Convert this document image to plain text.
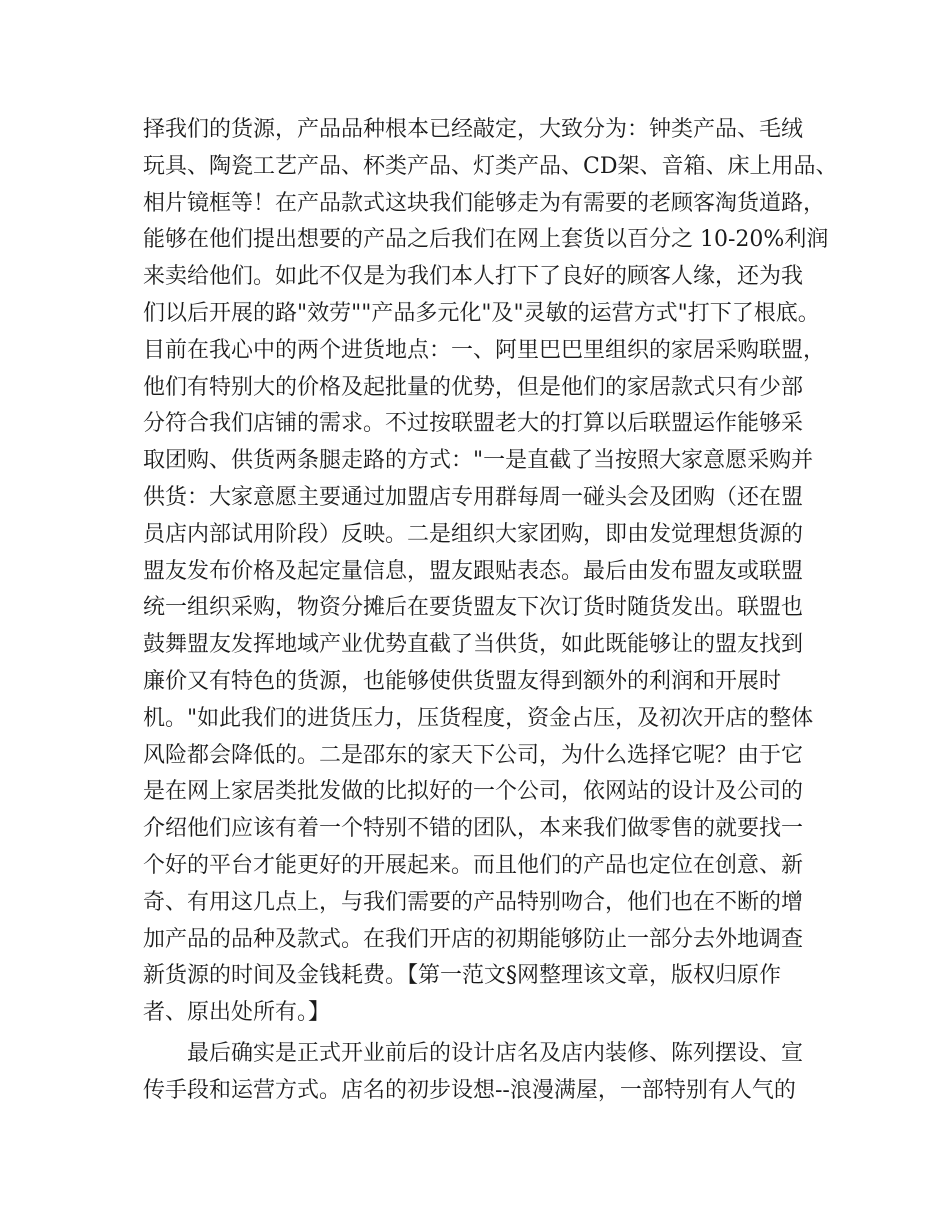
择我们的货源，产品品种根本已经敲定，大致分为：钟类产品、毛绒
玩具、陶瓷工艺产品、杯类产品、灯类产品、CD架、音箱、床上用品、
相片镜框等！在产品款式这块我们能够走为有需要的老顾客淘货道路，
能够在他们提出想要的产品之后我们在网上套货以百分之 10-20%利润
来卖给他们。如此不仅是为我们本人打下了良好的顾客人缘，还为我
们以后开展的路"效劳""产品多元化"及"灵敏的运营方式"打下了根底。
目前在我心中的两个进货地点：一、阿里巴巴里组织的家居采购联盟，
他们有特别大的价格及起批量的优势，但是他们的家居款式只有少部
分符合我们店铺的需求。不过按联盟老大的打算以后联盟运作能够采
取团购、供货两条腿走路的方式："一是直截了当按照大家意愿采购并
供货：大家意愿主要通过加盟店专用群每周一碰头会及团购（还在盟
员店内部试用阶段）反映。二是组织大家团购，即由发觉理想货源的
盟友发布价格及起定量信息，盟友跟贴表态。最后由发布盟友或联盟
统一组织采购，物资分摊后在要货盟友下次订货时随货发出。联盟也
鼓舞盟友发挥地域产业优势直截了当供货，如此既能够让的盟友找到
廉价又有特色的货源，也能够使供货盟友得到额外的利润和开展时
机。"如此我们的进货压力，压货程度，资金占压，及初次开店的整体
风险都会降低的。二是邵东的家天下公司，为什么选择它呢？由于它
是在网上家居类批发做的比拟好的一个公司，依网站的设计及公司的
介绍他们应该有着一个特别不错的团队，本来我们做零售的就要找一
个好的平台才能更好的开展起来。而且他们的产品也定位在创意、新
奇、有用这几点上，与我们需要的产品特别吻合，他们也在不断的增
加产品的品种及款式。在我们开店的初期能够防止一部分去外地调查
新货源的时间及金钱耗费。【第一范文§网整理该文章，版权归原作
者、原出处所有。】
　　最后确实是正式开业前后的设计店名及店内装修、陈列摆设、宣
传手段和运营方式。店名的初步设想--浪漫满屋，一部特别有人气的
